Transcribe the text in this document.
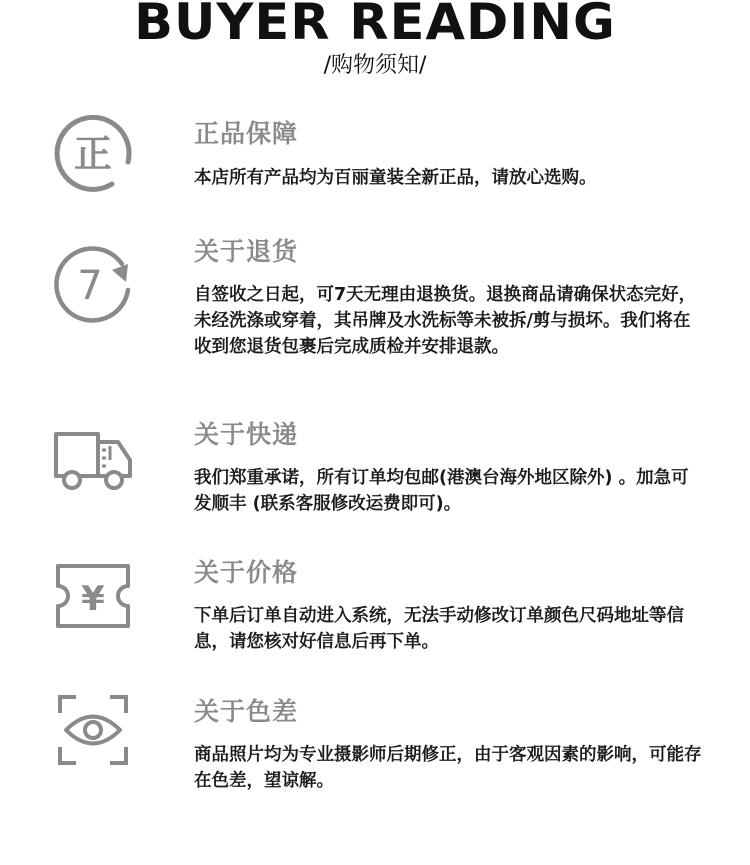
BUYER READING
/购物须知/
正	正品保障
本店所有产品均为百丽童装全新正品，请放心选购。
7
关于退货
自签收之日起，可7天无理由退换货。退换商品请确保状态完好，未经洗涤或穿着，其吊牌及水洗标等未被拆/剪与损坏。我们将在收到您退货包裹后完成质检并安排退款。
关于快递
我们郑重承诺，所有订单均包邮(港澳台海外地区除外) 。加急可发顺丰 (联系客服修改运费即可)。
¥
关于价格
下单后订单自动进入系统，无法手动修改订单颜色尺码地址等信息，请您核对好信息后再下单。
关于色差
商品照片均为专业摄影师后期修正，由于客观因素的影响，可能存在色差，望谅解。
